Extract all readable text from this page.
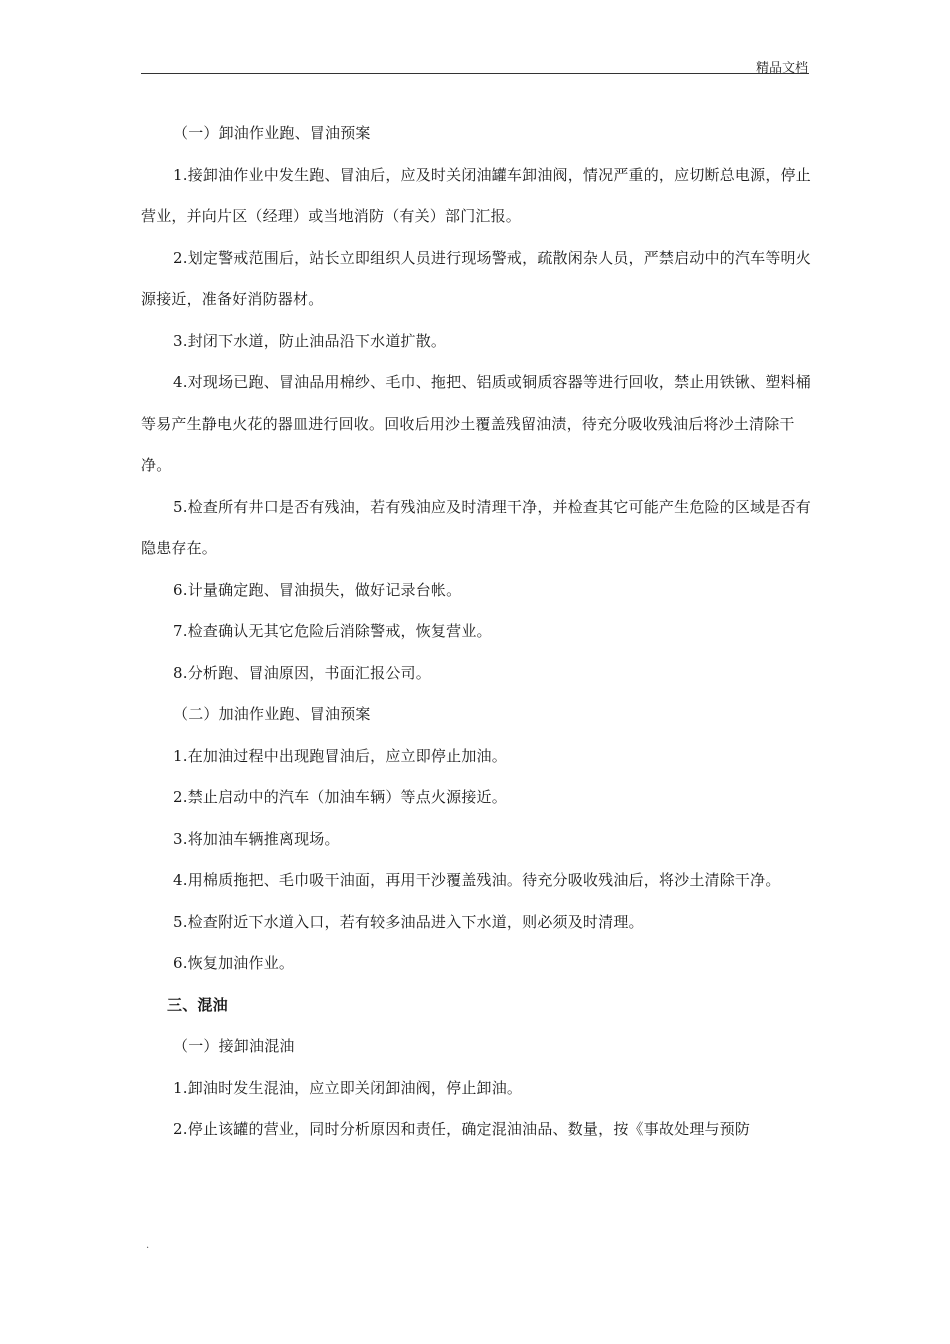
精品文档

（一）卸油作业跑、冒油预案

1.接卸油作业中发生跑、冒油后，应及时关闭油罐车卸油阀，情况严重的，应切断总电源，停止营业，并向片区（经理）或当地消防（有关）部门汇报。

2.划定警戒范围后，站长立即组织人员进行现场警戒，疏散闲杂人员，严禁启动中的汽车等明火源接近，准备好消防器材。

3.封闭下水道，防止油品沿下水道扩散。

4.对现场已跑、冒油品用棉纱、毛巾、拖把、铝质或铜质容器等进行回收，禁止用铁锹、塑料桶等易产生静电火花的器皿进行回收。回收后用沙土覆盖残留油渍，待充分吸收残油后将沙土清除干净。

5.检查所有井口是否有残油，若有残油应及时清理干净，并检查其它可能产生危险的区域是否有隐患存在。

6.计量确定跑、冒油损失，做好记录台帐。

7.检查确认无其它危险后消除警戒，恢复营业。

8.分析跑、冒油原因，书面汇报公司。

（二）加油作业跑、冒油预案

1.在加油过程中出现跑冒油后，应立即停止加油。

2.禁止启动中的汽车（加油车辆）等点火源接近。

3.将加油车辆推离现场。

4.用棉质拖把、毛巾吸干油面，再用干沙覆盖残油。待充分吸收残油后，将沙土清除干净。

5.检查附近下水道入口，若有较多油品进入下水道，则必须及时清理。

6.恢复加油作业。

三、混油

（一）接卸油混油

1.卸油时发生混油，应立即关闭卸油阀，停止卸油。

2.停止该罐的营业，同时分析原因和责任，确定混油油品、数量，按《事故处理与预防

.
